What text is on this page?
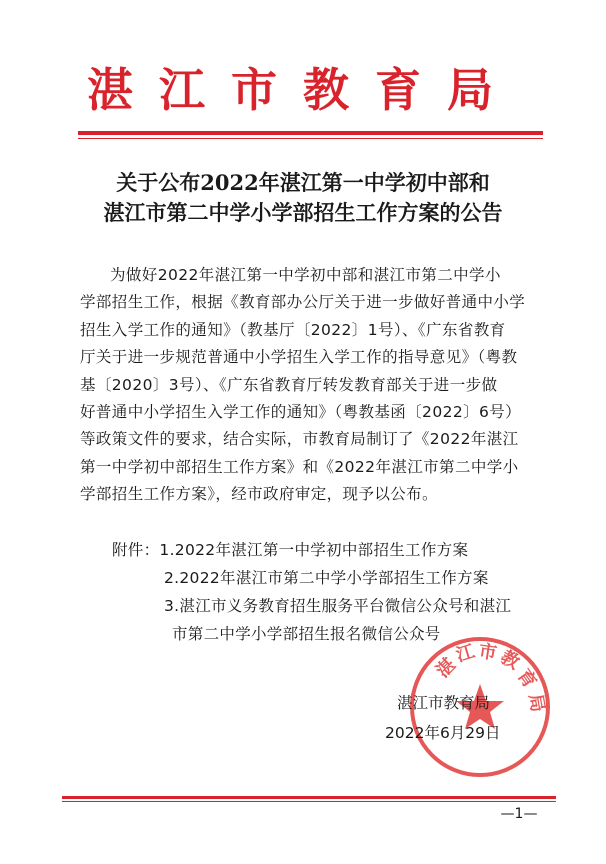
湛江市教育局
关于公布2022年湛江第一中学初中部和
湛江市第二中学小学部招生工作方案的公告
为做好2022年湛江第一中学初中部和湛江市第二中学小
学部招生工作，根据《教育部办公厅关于进一步做好普通中小学
招生入学工作的通知》（教基厅〔2022〕1号）、《广东省教育
厅关于进一步规范普通中小学招生入学工作的指导意见》（粤教
基〔2020〕3号）、《广东省教育厅转发教育部关于进一步做
好普通中小学招生入学工作的通知》（粤教基函〔2022〕6号）
等政策文件的要求，结合实际，市教育局制订了《2022年湛江
第一中学初中部招生工作方案》和《2022年湛江市第二中学小
学部招生工作方案》，经市政府审定，现予以公布。
附件：1.2022年湛江第一中学初中部招生工作方案
2.2022年湛江市第二中学小学部招生工作方案
3.湛江市义务教育招生服务平台微信公众号和湛江
市第二中学小学部招生报名微信公众号
湛
江 市
教
育
局
湛江市教育局
2022年6月29日
—1—
